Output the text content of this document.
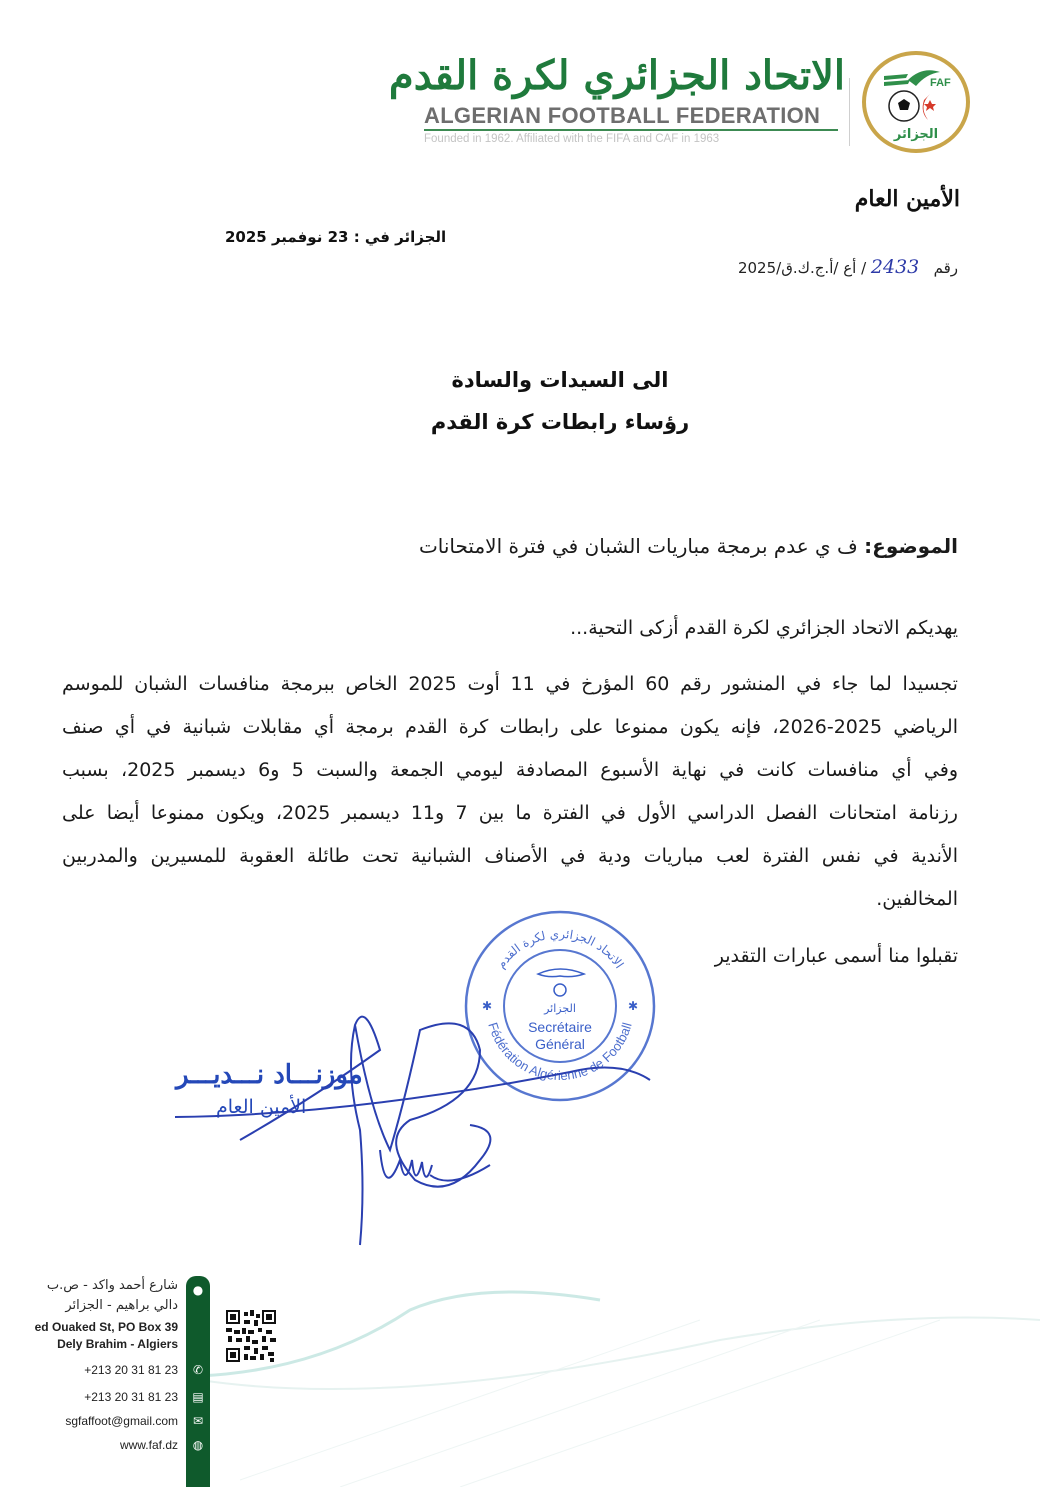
الاتحاد الجزائري لكرة القدم
ALGERIAN FOOTBALL FEDERATION
Founded in 1962. Affiliated with the FIFA and CAF in 1963
FAF
الجزائر
الأمين العام
الجزائر في : 23 نوفمبر 2025
رقم   2433 / أع /أ.ج.ك.ق/2025
الى السيدات والسادة
رؤساء رابطات كرة القدم
الموضوع: ف ي عدم برمجة مباريات الشبان في فترة الامتحانات
يهديكم الاتحاد الجزائري لكرة القدم أزكى التحية...
تجسيدا لما جاء في المنشور رقم 60 المؤرخ في 11 أوت 2025 الخاص ببرمجة منافسات الشبان للموسم
الرياضي 2025-2026، فإنه يكون ممنوعا على رابطات كرة القدم برمجة أي مقابلات شبانية في أي صنف
وفي أي منافسات كانت في نهاية الأسبوع المصادفة ليومي الجمعة والسبت 5 و6 ديسمبر 2025، بسبب
رزنامة امتحانات الفصل الدراسي الأول في الفترة ما بين 7 و11 ديسمبر 2025، ويكون ممنوعا أيضا على
الأندية في نفس الفترة لعب مباريات ودية في الأصناف الشبانية تحت طائلة العقوبة للمسيرين والمدربين
المخالفين.
تقبلوا منا أسمى عبارات التقدير
الاتحاد الجزائري لكرة القدم
Fédération Algérienne de Football
✱	✱
الجزائر
Secrétaire
Général
موزنـــاد نـــديـــر
الأمين العام
●
✆
▤
✉
◍
شارع أحمد واكد - ص.ب
دالي براهيم - الجزائر
ed Ouaked St, PO Box 39
Dely Brahim - Algiers
+213 20 31 81 23
+213 20 31 81 23
sgfaffoot@gmail.com
www.faf.dz
